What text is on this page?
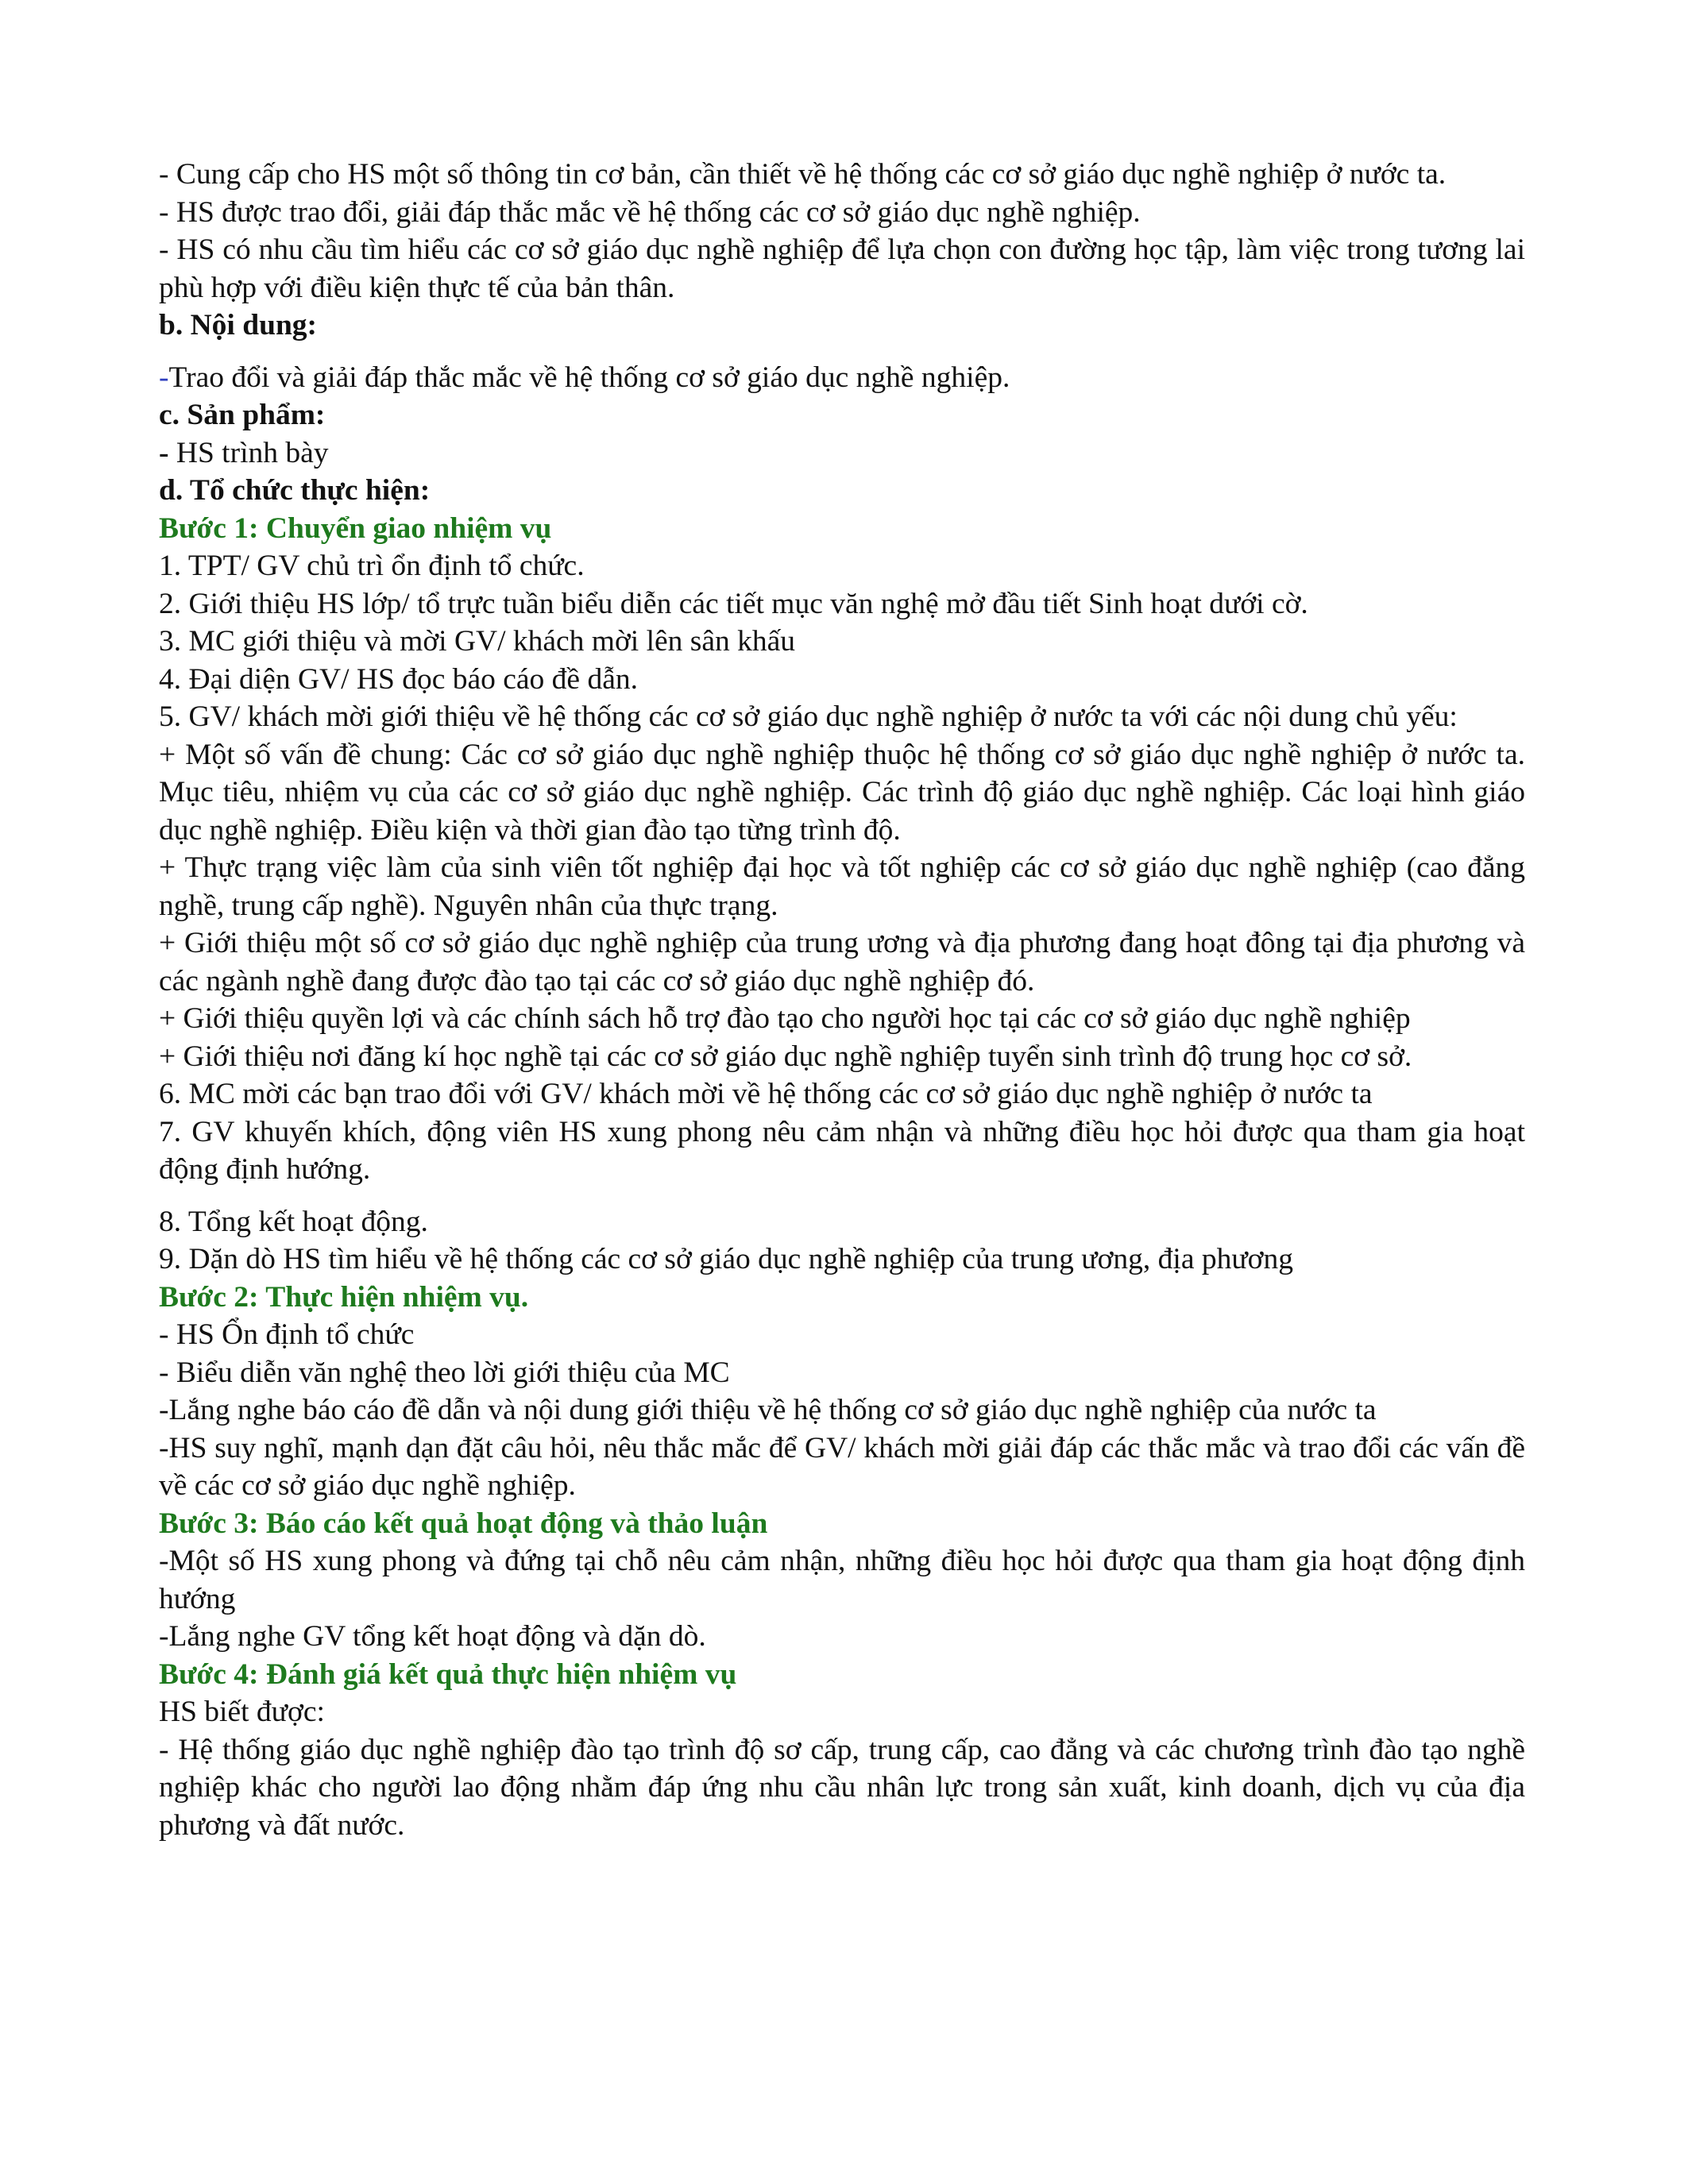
- Cung cấp cho HS một số thông tin cơ bản, cần thiết về hệ thống các cơ sở giáo dục nghề nghiệp ở nước ta.

- HS được trao đổi, giải đáp thắc mắc về hệ thống các cơ sở giáo dục nghề nghiệp.

- HS có nhu cầu tìm hiểu các cơ sở giáo dục nghề nghiệp để lựa chọn con đường học tập, làm việc trong tương lai phù hợp với điều kiện thực tế của bản thân.

b. Nội dung:

-Trao đổi và giải đáp thắc mắc về hệ thống cơ sở giáo dục nghề nghiệp.

c. Sản phẩm:

- HS trình bày

d. Tổ chức thực hiện:

Bước 1: Chuyển giao nhiệm vụ

1. TPT/ GV chủ trì ổn định tổ chức.

2. Giới thiệu HS lớp/ tổ trực tuần biểu diễn các tiết mục văn nghệ mở đầu tiết Sinh hoạt dưới cờ.

3. MC giới thiệu và mời GV/ khách mời lên sân khấu

4. Đại diện GV/ HS đọc báo cáo đề dẫn.

5. GV/ khách mời giới thiệu về hệ thống các cơ sở giáo dục nghề nghiệp ở nước ta với các nội dung chủ yếu:

+ Một số vấn đề chung: Các cơ sở giáo dục nghề nghiệp thuộc hệ thống cơ sở giáo dục nghề nghiệp ở nước ta. Mục tiêu, nhiệm vụ của các cơ sở giáo dục nghề nghiệp. Các trình độ giáo dục nghề nghiệp. Các loại hình giáo dục nghề nghiệp. Điều kiện và thời gian đào tạo từng trình độ.

+ Thực trạng việc làm của sinh viên tốt nghiệp đại học và tốt nghiệp các cơ sở giáo dục nghề nghiệp (cao đẳng nghề, trung cấp nghề). Nguyên nhân của thực trạng.

+ Giới thiệu một số cơ sở giáo dục nghề nghiệp của trung ương và địa phương đang hoạt đông tại địa phương và các ngành nghề đang được đào tạo tại các cơ sở giáo dục nghề nghiệp đó.

+ Giới thiệu quyền lợi và các chính sách hỗ trợ đào tạo cho người học tại các cơ sở giáo dục nghề nghiệp

+ Giới thiệu nơi đăng kí học nghề tại các cơ sở giáo dục nghề nghiệp tuyển sinh trình độ trung học cơ sở.

6. MC mời các bạn trao đổi với GV/ khách mời về hệ thống các cơ sở giáo dục nghề nghiệp ở nước ta

7. GV khuyến khích, động viên HS xung phong nêu cảm nhận và những điều học hỏi được qua tham gia hoạt động định hướng.

8. Tổng kết hoạt động.

9. Dặn dò HS tìm hiểu về hệ thống các cơ sở giáo dục nghề nghiệp của trung ương, địa phương

Bước 2: Thực hiện nhiệm vụ.

- HS Ổn định tổ chức

- Biểu diễn văn nghệ theo lời giới thiệu của MC

-Lắng nghe báo cáo đề dẫn và nội dung giới thiệu về hệ thống cơ sở giáo dục nghề nghiệp của nước ta

-HS suy nghĩ, mạnh dạn đặt câu hỏi, nêu thắc mắc để GV/ khách mời giải đáp các thắc mắc và trao đổi các vấn đề về các cơ sở giáo dục nghề nghiệp.

Bước 3: Báo cáo kết quả hoạt động và thảo luận

-Một số HS xung phong và đứng tại chỗ nêu cảm nhận, những điều học hỏi được qua tham gia hoạt động định hướng

-Lắng nghe GV tổng kết hoạt động và dặn dò.

Bước 4: Đánh giá kết quả thực hiện nhiệm vụ

HS biết được:

- Hệ thống giáo dục nghề nghiệp đào tạo trình độ sơ cấp, trung cấp, cao đẳng và các chương trình đào tạo nghề nghiệp khác cho người lao động nhằm đáp ứng nhu cầu nhân lực trong sản xuất, kinh doanh, dịch vụ của địa phương và đất nước.
